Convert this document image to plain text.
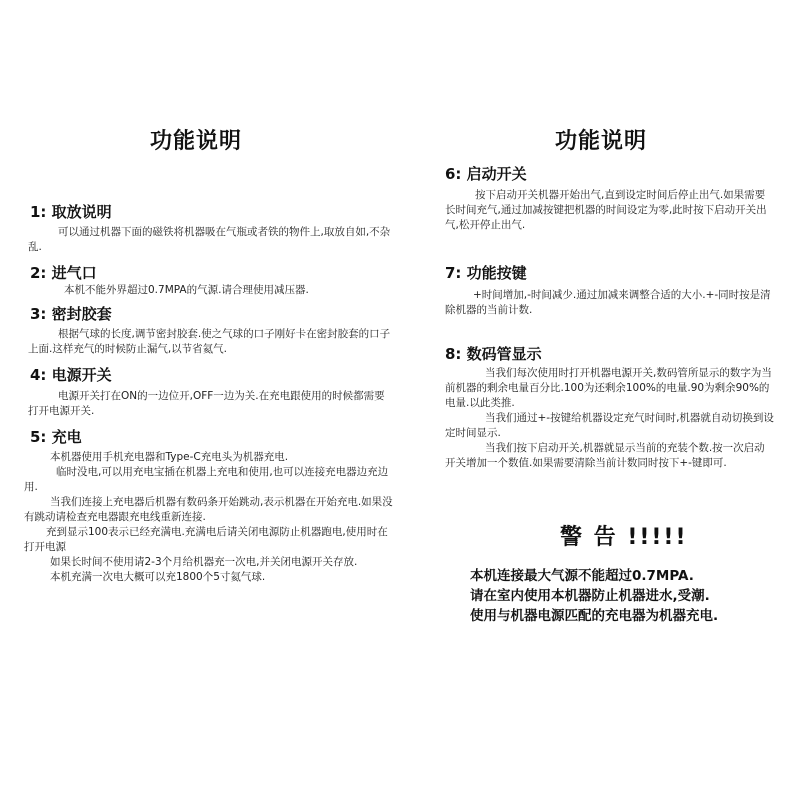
功能说明
1: 取放说明
可以通过机器下面的磁铁将机器吸在气瓶或者铁的物件上,取放自如,不杂乱.
2: 进气口
本机不能外界超过0.7MPA的气源.请合理使用减压器.
3: 密封胶套
根据气球的长度,调节密封胶套.使之气球的口子刚好卡在密封胶套的口子上面.这样充气的时候防止漏气,以节省氦气.
4: 电源开关
电源开关打在ON的一边位开,OFF一边为关.在充电跟使用的时候都需要打开电源开关.
5: 充电
本机器使用手机充电器和Type-C充电头为机器充电.
临时没电,可以用充电宝插在机器上充电和使用,也可以连接充电器边充边用.
当我们连接上充电器后机器有数码条开始跳动,表示机器在开始充电.如果没有跳动请检查充电器跟充电线重新连接.
充到显示100表示已经充满电.充满电后请关闭电源防止机器跑电,使用时在打开电源
如果长时间不使用请2-3个月给机器充一次电,并关闭电源开关存放.
本机充满一次电大概可以充1800个5寸氦气球.
功能说明
6: 启动开关
按下启动开关机器开始出气,直到设定时间后停止出气.如果需要长时间充气,通过加减按键把机器的时间设定为零,此时按下启动开关出气,松开停止出气.
7: 功能按键
+时间增加,-时间减少.通过加减来调整合适的大小.+-同时按是清除机器的当前计数.
8: 数码管显示
当我们每次使用时打开机器电源开关,数码管所显示的数字为当前机器的剩余电量百分比.100为还剩余100%的电量.90为剩余90%的电量.以此类推.
当我们通过+-按键给机器设定充气时间时,机器就自动切换到设定时间显示.
当我们按下启动开关,机器就显示当前的充装个数.按一次启动开关增加一个数值.如果需要清除当前计数同时按下+-键即可.
警 告 !!!!!
本机连接最大气源不能超过0.7MPA.
请在室内使用本机器防止机器进水,受潮.
使用与机器电源匹配的充电器为机器充电.
